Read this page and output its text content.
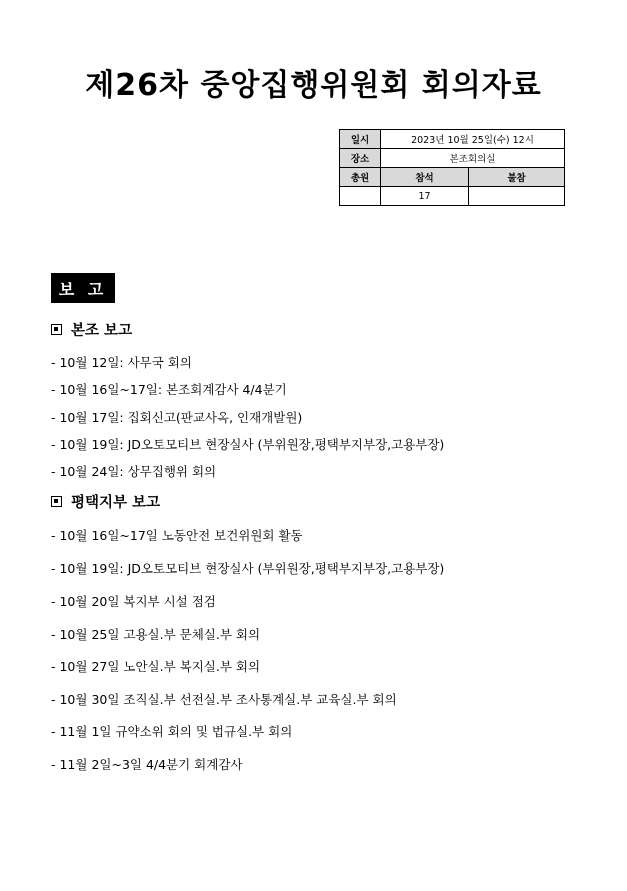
제26차 중앙집행위원회 회의자료
일시	2023년 10월 25일(수) 12시	
장소	본조회의실	
총원	참석	불참
	17	
보 고
본조 보고
- 10월 12일: 사무국 회의
- 10월 16일~17일: 본조회계감사 4/4분기
- 10월 17일: 집회신고(판교사옥, 인재개발원)
- 10월 19일: JD오토모티브 현장실사 (부위원장,평택부지부장,고용부장)
- 10월 24일: 상무집행위 회의
평택지부 보고
- 10월 16일~17일 노동안전 보건위원회 활동
- 10월 19일: JD오토모티브 현장실사 (부위원장,평택부지부장,고용부장)
- 10월 20일 복지부 시설 점검
- 10월 25일 고용실.부 문체실.부 회의
- 10월 27일 노안실.부 복지실.부 회의
- 10월 30일 조직실.부 선전실.부 조사통계실.부 교육실.부 회의
- 11월 1일 규약소위 회의 및 법규실.부 회의
- 11월 2일~3일 4/4분기 회계감사
